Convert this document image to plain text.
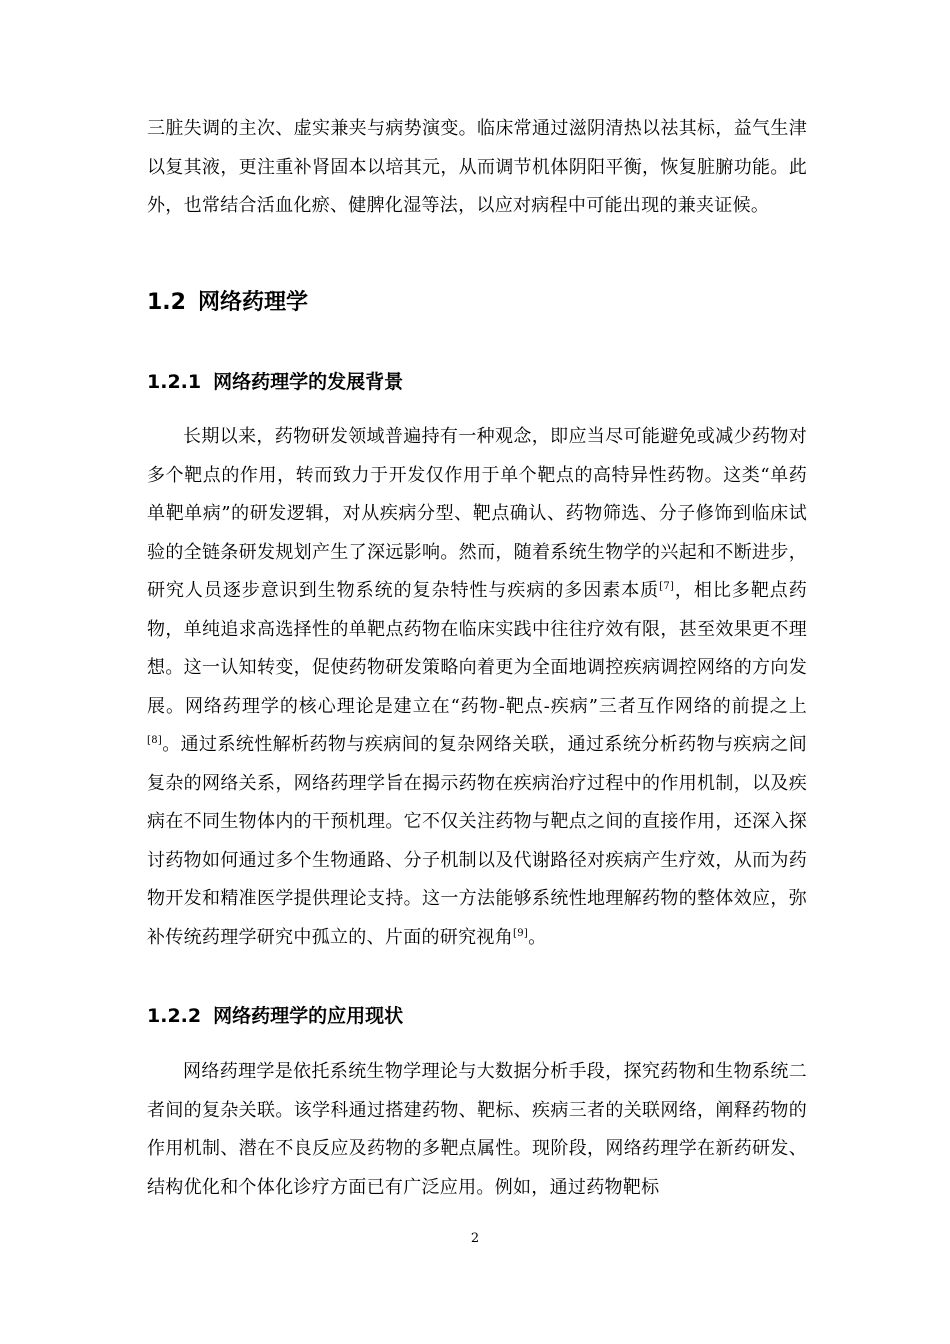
三脏失调的主次、虚实兼夹与病势演变。临床常通过滋阴清热以祛其标，益气生津以复其液，更注重补肾固本以培其元，从而调节机体阴阳平衡，恢复脏腑功能。此外，也常结合活血化瘀、健脾化湿等法，以应对病程中可能出现的兼夹证候。

1.2 网络药理学
1.2.1 网络药理学的发展背景

长期以来，药物研发领域普遍持有一种观念，即应当尽可能避免或减少药物对多个靶点的作用，转而致力于开发仅作用于单个靶点的高特异性药物。这类“单药单靶单病”的研发逻辑，对从疾病分型、靶点确认、药物筛选、分子修饰到临床试验的全链条研发规划产生了深远影响。然而，随着系统生物学的兴起和不断进步，研究人员逐步意识到生物系统的复杂特性与疾病的多因素本质[7]，相比多靶点药物，单纯追求高选择性的单靶点药物在临床实践中往往疗效有限，甚至效果更不理想。这一认知转变，促使药物研发策略向着更为全面地调控疾病调控网络的方向发展。网络药理学的核心理论是建立在“药物-靶点-疾病”三者互作网络的前提之上[8]。通过系统性解析药物与疾病间的复杂网络关联，通过系统分析药物与疾病之间复杂的网络关系，网络药理学旨在揭示药物在疾病治疗过程中的作用机制，以及疾病在不同生物体内的干预机理。它不仅关注药物与靶点之间的直接作用，还深入探讨药物如何通过多个生物通路、分子机制以及代谢路径对疾病产生疗效，从而为药物开发和精准医学提供理论支持。这一方法能够系统性地理解药物的整体效应，弥补传统药理学研究中孤立的、片面的研究视角[9]。

1.2.2 网络药理学的应用现状

网络药理学是依托系统生物学理论与大数据分析手段，探究药物和生物系统二者间的复杂关联。该学科通过搭建药物、靶标、疾病三者的关联网络，阐释药物的作用机制、潜在不良反应及药物的多靶点属性。现阶段，网络药理学在新药研发、结构优化和个体化诊疗方面已有广泛应用。例如，通过药物靶标

2
